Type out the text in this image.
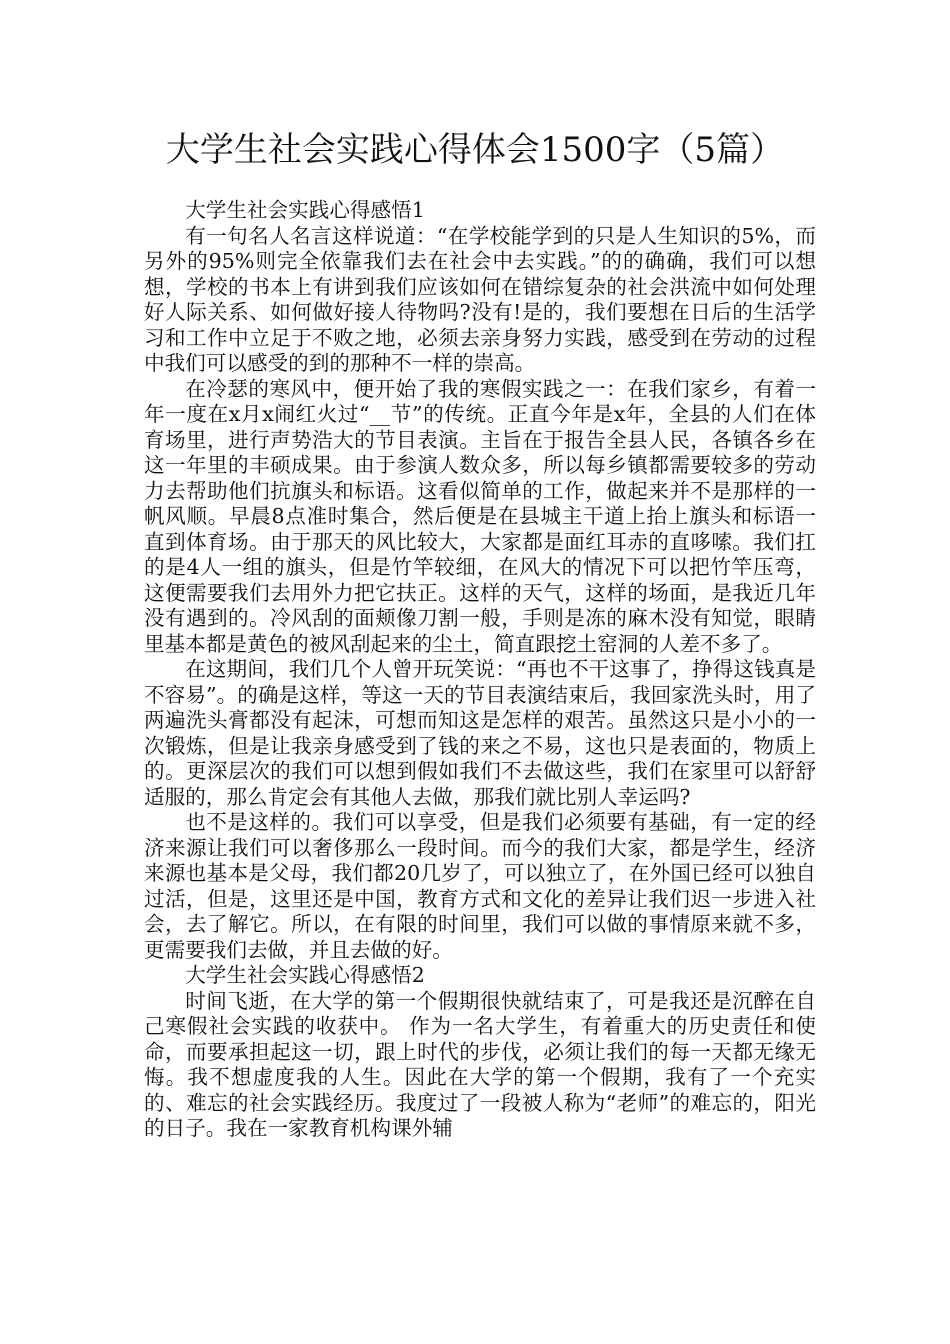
大学生社会实践心得体会1500字（5篇）

大学生社会实践心得感悟1

有一句名人名言这样说道：“在学校能学到的只是人生知识的5%，而另外的95%则完全依靠我们去在社会中去实践。”的的确确，我们可以想想，学校的书本上有讲到我们应该如何在错综复杂的社会洪流中如何处理好人际关系、如何做好接人待物吗?没有!是的，我们要想在日后的生活学习和工作中立足于不败之地，必须去亲身努力实践，感受到在劳动的过程中我们可以感受的到的那种不一样的崇高。

在冷瑟的寒风中，便开始了我的寒假实践之一：在我们家乡，有着一年一度在x月x闹红火过“__节”的传统。正直今年是x年，全县的人们在体育场里，进行声势浩大的节目表演。主旨在于报告全县人民，各镇各乡在这一年里的丰硕成果。由于参演人数众多，所以每乡镇都需要较多的劳动力去帮助他们抗旗头和标语。这看似简单的工作，做起来并不是那样的一帆风顺。早晨8点准时集合，然后便是在县城主干道上抬上旗头和标语一直到体育场。由于那天的风比较大，大家都是面红耳赤的直哆嗦。我们扛的是4人一组的旗头，但是竹竿较细，在风大的情况下可以把竹竿压弯，这便需要我们去用外力把它扶正。这样的天气，这样的场面，是我近几年没有遇到的。冷风刮的面颊像刀割一般，手则是冻的麻木没有知觉，眼睛里基本都是黄色的被风刮起来的尘土，简直跟挖土窑洞的人差不多了。

在这期间，我们几个人曾开玩笑说：“再也不干这事了，挣得这钱真是不容易”。的确是这样，等这一天的节目表演结束后，我回家洗头时，用了两遍洗头膏都没有起沫，可想而知这是怎样的艰苦。虽然这只是小小的一次锻炼，但是让我亲身感受到了钱的来之不易，这也只是表面的，物质上的。更深层次的我们可以想到假如我们不去做这些，我们在家里可以舒舒适服的，那么肯定会有其他人去做，那我们就比别人幸运吗?

也不是这样的。我们可以享受，但是我们必须要有基础，有一定的经济来源让我们可以奢侈那么一段时间。而今的我们大家，都是学生，经济来源也基本是父母，我们都20几岁了，可以独立了，在外国已经可以独自过活，但是，这里还是中国，教育方式和文化的差异让我们迟一步进入社会，去了解它。所以，在有限的时间里，我们可以做的事情原来就不多，更需要我们去做，并且去做的好。

大学生社会实践心得感悟2

时间飞逝，在大学的第一个假期很快就结束了，可是我还是沉醉在自己寒假社会实践的收获中。 作为一名大学生，有着重大的历史责任和使命，而要承担起这一切，跟上时代的步伐，必须让我们的每一天都无缘无悔。我不想虚度我的人生。因此在大学的第一个假期，我有了一个充实的、难忘的社会实践经历。我度过了一段被人称为“老师”的难忘的，阳光的日子。我在一家教育机构课外辅
